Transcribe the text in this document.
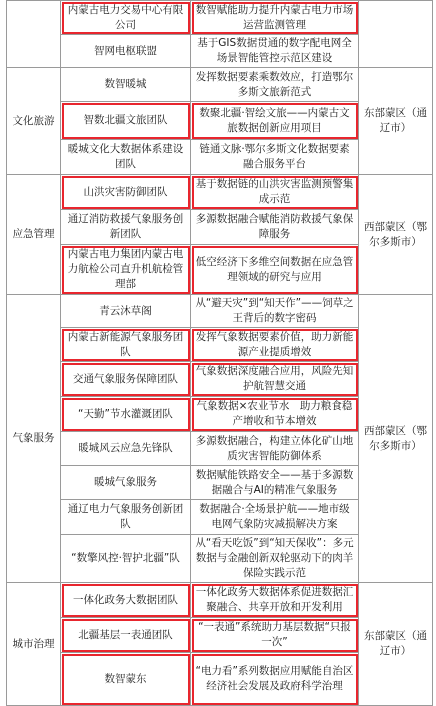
	内蒙古电力交易中心有限公司	数智赋能助力提升内蒙古电力市场运营监测管理	

	智网电枢联盟	基于GIS数据贯通的数字配电网全场景智能管控示范区建设	

文化旅游	数智暖城	发挥数据要素乘数效应，打造鄂尔多斯文旅新范式	东部蒙区（通辽市）

	智数北疆文旅团队	数聚北疆·智绘文旅——内蒙古文旅数据创新应用项目	

	暖城文化大数据体系建设团队	链通文脉·鄂尔多斯文化数据要素融合服务平台	

应急管理	山洪灾害防御团队	基于数据链的山洪灾害监测预警集成示范	西部蒙区（鄂尔多斯市）

	通辽消防救援气象服务创新团队	多源数据融合赋能消防救援气象保障服务	

	内蒙古电力集团内蒙古电力航检公司直升机航检管理部	低空经济下多维空间数据在应急管理领域的研究与应用	

气象服务	青云沐草阁	从“避天灾”到“知天作”——饲草之王背后的数字密码	西部蒙区（鄂尔多斯市）

	内蒙古新能源气象服务团队	发挥气象数据要素价值，助力新能源产业提质增效	

	交通气象服务保障团队	气象数据深度融合应用，风险先知护航智慧交通	

	“天勤”节水灌溉团队	气象数据×农业节水　助力粮食稳产增收和节本增效	

	暖城风云应急先锋队	多源数据融合，构建立体化矿山地质灾害智能防御体系	

	暖城气象服务	数据赋能铁路安全——基于多源数据融合与AI的精准气象服务	

	通辽电力气象服务创新团队	数据融合·全场景护航——地市级电网气象防灾减损解决方案	

	“数擎风控·智护北疆”队	从“看天吃饭”到“知天保收”：多元数据与金融创新双轮驱动下的肉羊保险实践示范	

城市治理	一体化政务大数据团队	一体化政务大数据体系促进数据汇聚融合、共享开放和开发利用	东部蒙区（通辽市）

	北疆基层一表通团队	“一表通”系统助力基层数据“只报一次”	

	数智蒙东	“电力看”系列数据应用赋能自治区经济社会发展及政府科学治理	
